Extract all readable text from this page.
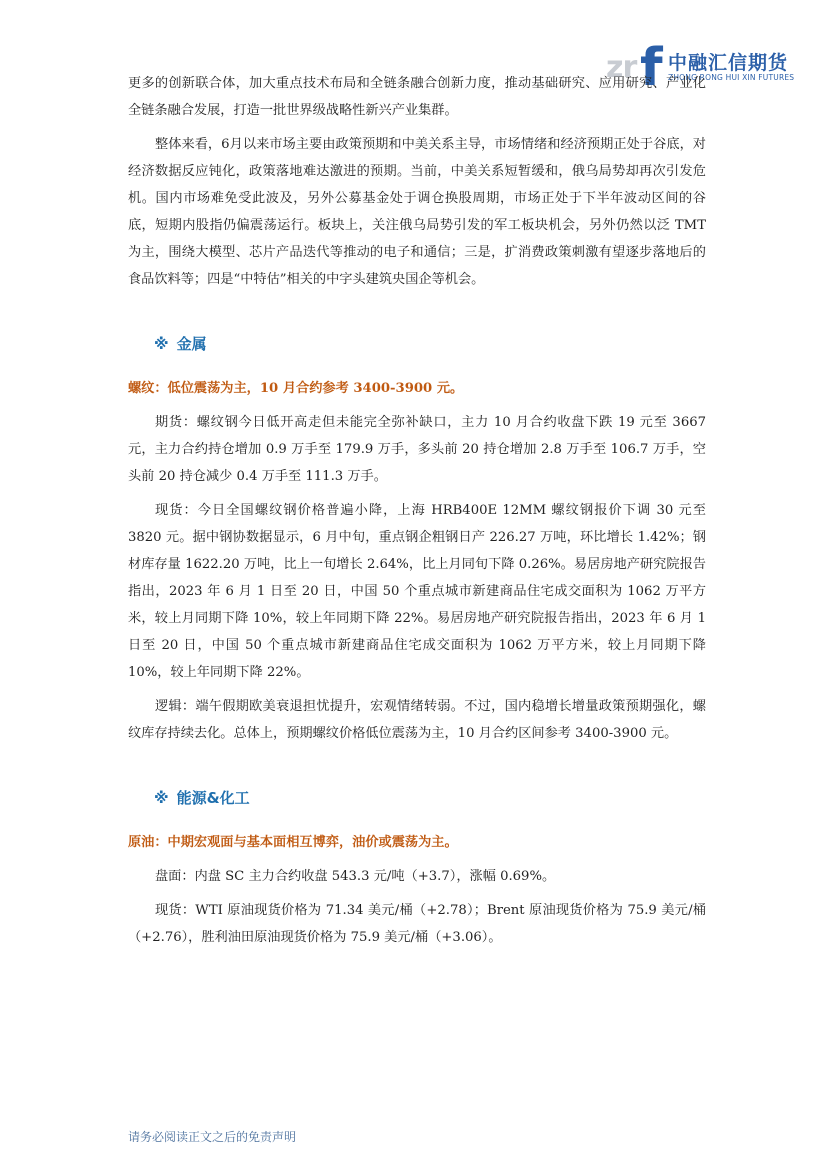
zr f 中融汇信期货
ZHONG RONG HUI XIN FUTURES

更多的创新联合体，加大重点技术布局和全链条融合创新力度，推动基础研究、应用研究、产业化全链条融合发展，打造一批世界级战略性新兴产业集群。

整体来看，6月以来市场主要由政策预期和中美关系主导，市场情绪和经济预期正处于谷底，对经济数据反应钝化，政策落地难达激进的预期。当前，中美关系短暂缓和，俄乌局势却再次引发危机。国内市场难免受此波及，另外公募基金处于调仓换股周期，市场正处于下半年波动区间的谷底，短期内股指仍偏震荡运行。板块上，关注俄乌局势引发的军工板块机会，另外仍然以泛 TMT 为主，围绕大模型、芯片产品迭代等推动的电子和通信；三是，扩消费政策刺激有望逐步落地后的食品饮料等；四是“中特估”相关的中字头建筑央国企等机会。

※ 金属

螺纹：低位震荡为主，10 月合约参考 3400-3900 元。

期货：螺纹钢今日低开高走但未能完全弥补缺口，主力 10 月合约收盘下跌 19 元至 3667 元，主力合约持仓增加 0.9 万手至 179.9 万手，多头前 20 持仓增加 2.8 万手至 106.7 万手，空头前 20 持仓减少 0.4 万手至 111.3 万手。

现货：今日全国螺纹钢价格普遍小降，上海 HRB400E 12MM 螺纹钢报价下调 30 元至 3820 元。据中钢协数据显示，6 月中旬，重点钢企粗钢日产 226.27 万吨，环比增长 1.42%；钢材库存量 1622.20 万吨，比上一旬增长 2.64%，比上月同旬下降 0.26%。易居房地产研究院报告指出，2023 年 6 月 1 日至 20 日，中国 50 个重点城市新建商品住宅成交面积为 1062 万平方米，较上月同期下降 10%，较上年同期下降 22%。易居房地产研究院报告指出，2023 年 6 月 1 日至 20 日，中国 50 个重点城市新建商品住宅成交面积为 1062 万平方米，较上月同期下降 10%，较上年同期下降 22%。

逻辑：端午假期欧美衰退担忧提升，宏观情绪转弱。不过，国内稳增长增量政策预期强化，螺纹库存持续去化。总体上，预期螺纹价格低位震荡为主，10 月合约区间参考 3400-3900 元。

※ 能源&化工

原油：中期宏观面与基本面相互博弈，油价或震荡为主。

盘面：内盘 SC 主力合约收盘 543.3 元/吨（+3.7），涨幅 0.69%。

现货：WTI 原油现货价格为 71.34 美元/桶（+2.78）；Brent 原油现货价格为 75.9 美元/桶（+2.76），胜利油田原油现货价格为 75.9 美元/桶（+3.06）。

请务必阅读正文之后的免责声明
